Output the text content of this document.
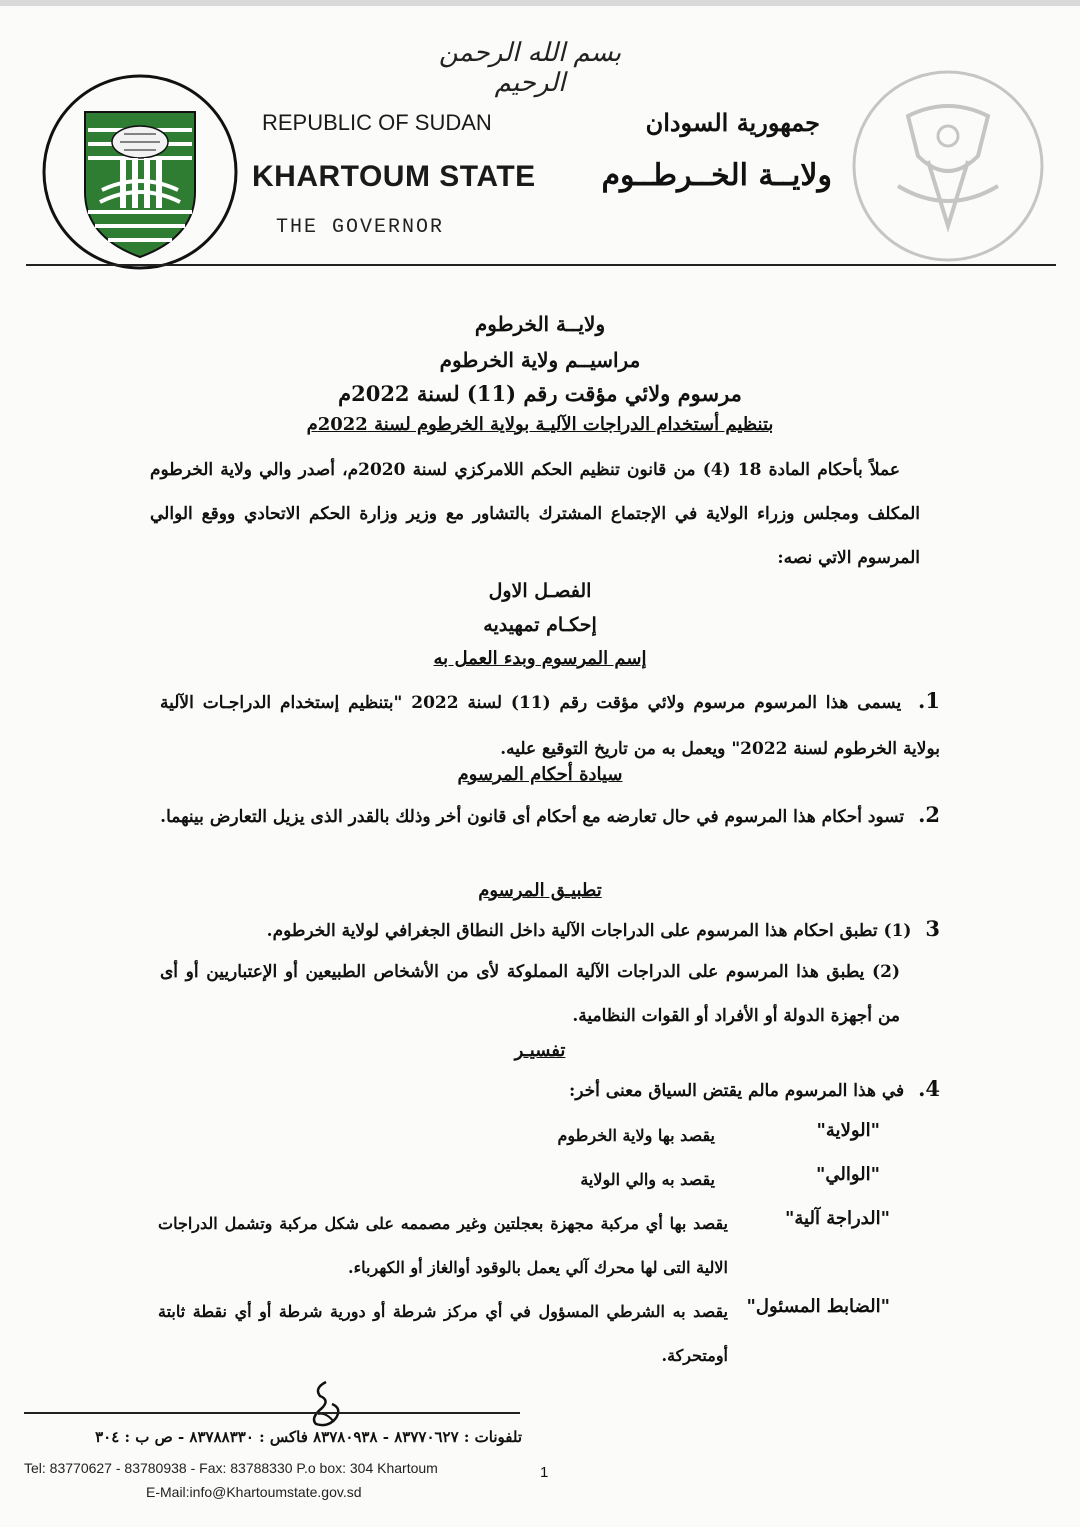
بسم الله الرحمن الرحيم
REPUBLIC OF SUDAN
KHARTOUM STATE
THE GOVERNOR
جمهورية السودان
ولايــة الخــرطــوم
ولايــة الخرطوم
مراسيــم ولاية الخرطوم
مرسوم ولائي مؤقت رقم (11) لسنة 2022م
بتنظيم أستخدام الدراجات الآليـة بولاية الخرطوم لسنة 2022م
عملاً بأحكام المادة 18 (4) من قانون تنظيم الحكم اللامركزي لسنة 2020م، أصدر والي ولاية الخرطوم المكلف ومجلس وزراء الولاية في الإجتماع المشترك بالتشاور مع وزير وزارة الحكم الاتحادي ووقع الوالي المرسوم الاتي نصه:
الفصـل الاول
إحكـام تمهيديه
إسم المرسوم وبدء العمل به
1. يسمى هذا المرسوم مرسوم ولائي مؤقت رقم (11) لسنة 2022 "بتنظيم إستخدام الدراجـات الآلية بولاية الخرطوم لسنة 2022" ويعمل به من تاريخ التوقيع عليه.
سيادة أحكام المرسوم
2. تسود أحكام هذا المرسوم في حال تعارضه مع أحكام أى قانون أخر وذلك بالقدر الذى يزيل التعارض بينهما.
تطبيـق المرسوم
3 (1) تطبق احكام هذا المرسوم على الدراجات الآلية داخل النطاق الجغرافي لولاية الخرطوم.
(2) يطبق هذا المرسوم على الدراجات الآلية المملوكة لأى من الأشخاص الطبيعين أو الإعتباريين أو أى من أجهزة الدولة أو الأفراد أو القوات النظامية.
تفسيـر
4. في هذا المرسوم مالم يقتض السياق معنى أخر:
"الولاية"
يقصد بها ولاية الخرطوم
"الوالي"
يقصد به والي الولاية
"الدراجة آلية"
يقصد بها أي مركبة مجهزة بعجلتين وغير مصممه على شكل مركبة وتشمل الدراجات الالية التى لها محرك آلي يعمل بالوقود أوالغاز أو الكهرباء.
"الضابط المسئول"
يقصد به الشرطي المسؤول في أي مركز شرطة أو دورية شرطة أو أي نقطة ثابتة أومتحركة.
تلفونات : ٨٣٧٧٠٦٢٧ - ٨٣٧٨٠٩٣٨ فاكس : ٨٣٧٨٨٣٣٠ - ص ب : ٣٠٤
Tel: 83770627 - 83780938 - Fax: 83788330 P.o box: 304 Khartoum
E-Mail:info@Khartoumstate.gov.sd
1
